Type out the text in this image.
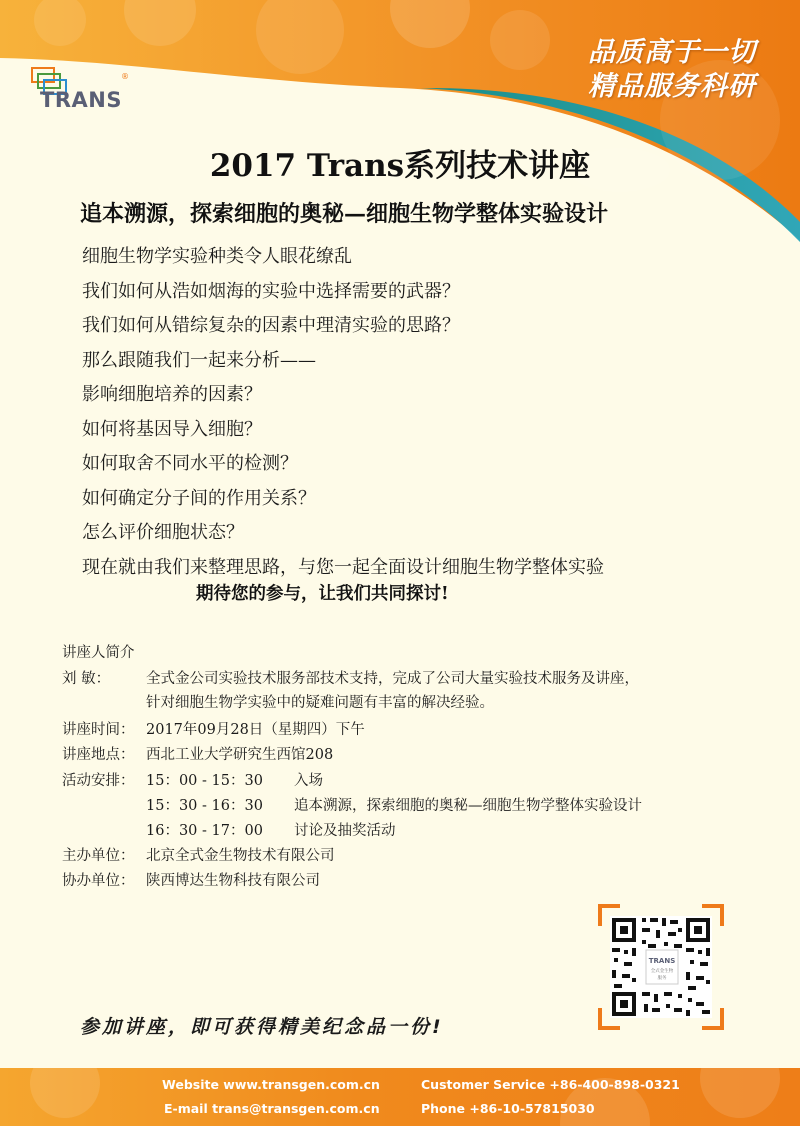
TRANS
®
品质高于一切
精品服务科研
2017 Trans系列技术讲座
追本溯源，探索细胞的奥秘—细胞生物学整体实验设计
细胞生物学实验种类令人眼花缭乱
我们如何从浩如烟海的实验中选择需要的武器？
我们如何从错综复杂的因素中理清实验的思路？
那么跟随我们一起来分析——
影响细胞培养的因素？
如何将基因导入细胞？
如何取舍不同水平的检测？
如何确定分子间的作用关系？
怎么评价细胞状态？
现在就由我们来整理思路，与您一起全面设计细胞生物学整体实验
期待您的参与，让我们共同探讨!
讲座人简介
刘 敏： 全式金公司实验技术服务部技术支持，完成了公司大量实验技术服务及讲座，
针对细胞生物学实验中的疑难问题有丰富的解决经验。
讲座时间： 2017年09月28日（星期四）下午
讲座地点： 西北工业大学研究生西馆208
活动安排： 15：00 - 15：30 入场
15：30 - 16：30 追本溯源，探索细胞的奥秘—细胞生物学整体实验设计
16：30 - 17：00 讨论及抽奖活动
主办单位： 北京全式金生物技术有限公司
协办单位： 陕西博达生物科技有限公司
TRANS
全式金生物
服务
参加讲座，即可获得精美纪念品一份!
Website www.transgen.com.cn
E-mail trans@transgen.com.cn
Customer Service +86-400-898-0321
Phone +86-10-57815030
